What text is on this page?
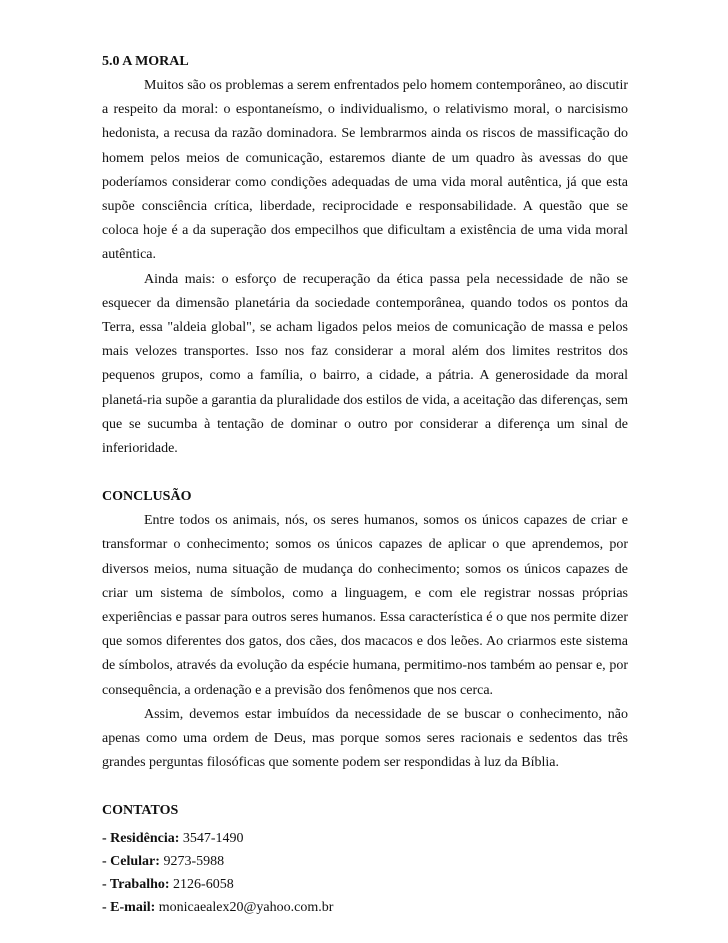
5.0 A MORAL

Muitos são os problemas a serem enfrentados pelo homem contemporâneo, ao discutir a respeito da moral: o espontaneísmo, o individualismo, o relativismo moral, o narcisismo hedonista, a recusa da razão dominadora. Se lembrarmos ainda os riscos de massificação do homem pelos meios de comunicação, estaremos diante de um quadro às avessas do que poderíamos considerar como condições adequadas de uma vida moral autêntica, já que esta supõe consciência crítica, liberdade, reciprocidade e responsabilidade. A questão que se coloca hoje é a da superação dos empecilhos que dificultam a existência de uma vida moral autêntica.

Ainda mais: o esforço de recuperação da ética passa pela necessidade de não se esquecer da dimensão planetária da sociedade contemporânea, quando todos os pontos da Terra, essa "aldeia global", se acham ligados pelos meios de comunicação de massa e pelos mais velozes transportes. Isso nos faz considerar a moral além dos limites restritos dos pequenos grupos, como a família, o bairro, a cidade, a pátria. A generosidade da moral planetá-ria supõe a garantia da pluralidade dos estilos de vida, a aceitação das diferenças, sem que se sucumba à tentação de dominar o outro por considerar a diferença um sinal de inferioridade.

CONCLUSÃO

Entre todos os animais, nós, os seres humanos, somos os únicos capazes de criar e transformar o conhecimento; somos os únicos capazes de aplicar o que aprendemos, por diversos meios, numa situação de mudança do conhecimento; somos os únicos capazes de criar um sistema de símbolos, como a linguagem, e com ele registrar nossas próprias experiências e passar para outros seres humanos. Essa característica é o que nos permite dizer que somos diferentes dos gatos, dos cães, dos macacos e dos leões. Ao criarmos este sistema de símbolos, através da evolução da espécie humana, permitimo-nos também ao pensar e, por consequência, a ordenação e a previsão dos fenômenos que nos cerca.

Assim, devemos estar imbuídos da necessidade de se buscar o conhecimento, não apenas como uma ordem de Deus, mas porque somos seres racionais e sedentos das três grandes perguntas filosóficas que somente podem ser respondidas à luz da Bíblia.

CONTATOS

- Residência: 3547-1490

- Celular: 9273-5988

- Trabalho: 2126-6058

- E-mail: monicaealex20@yahoo.com.br
